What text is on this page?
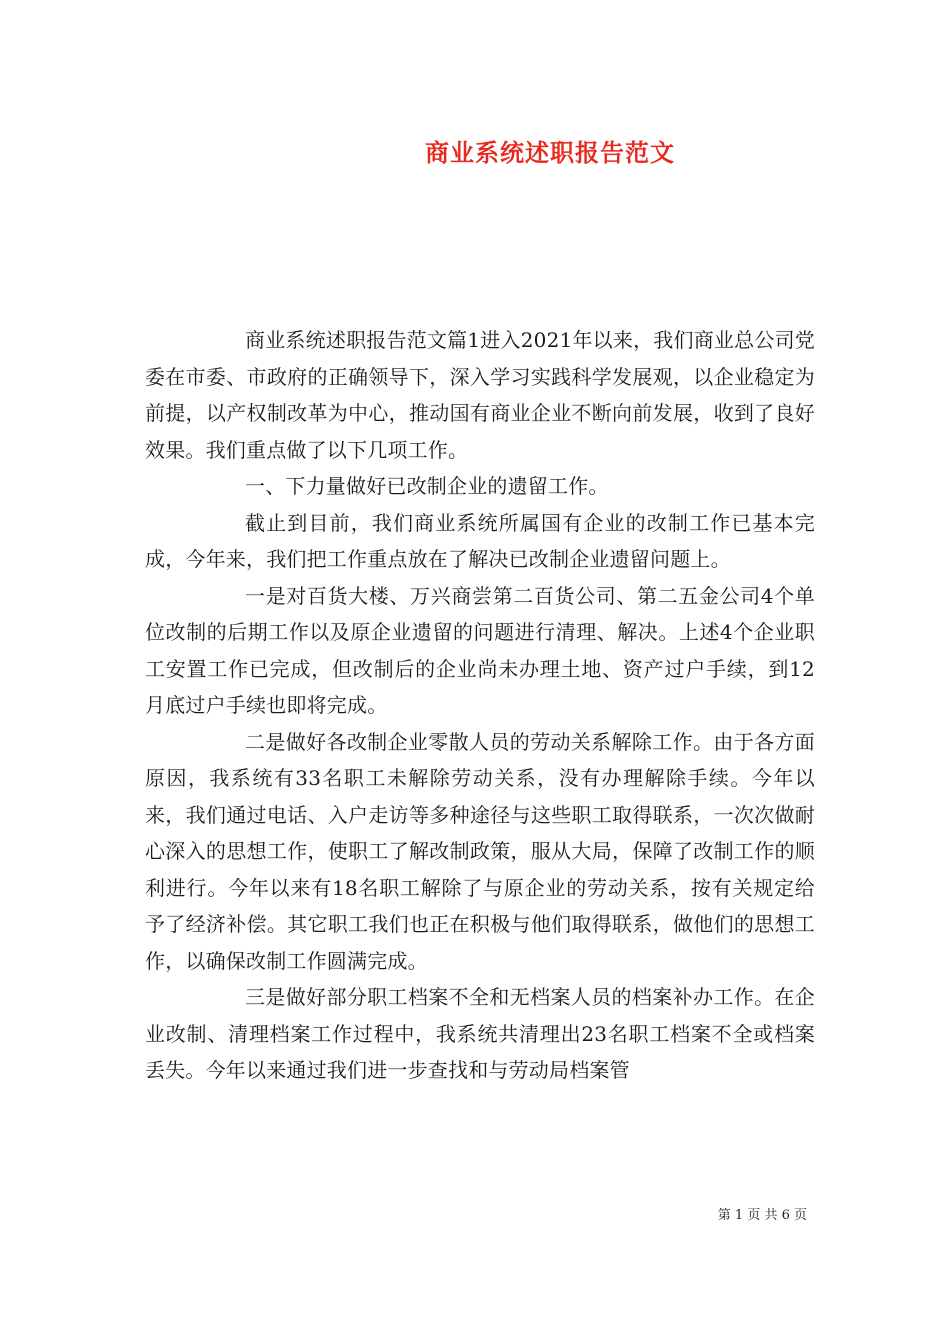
商业系统述职报告范文

商业系统述职报告范文篇1进入2021年以来，我们商业总公司党委在市委、市政府的正确领导下，深入学习实践科学发展观，以企业稳定为前提，以产权制改革为中心，推动国有商业企业不断向前发展，收到了良好效果。我们重点做了以下几项工作。

一、下力量做好已改制企业的遗留工作。

截止到目前，我们商业系统所属国有企业的改制工作已基本完成，今年来，我们把工作重点放在了解决已改制企业遗留问题上。

一是对百货大楼、万兴商尝第二百货公司、第二五金公司4个单位改制的后期工作以及原企业遗留的问题进行清理、解决。上述4个企业职工安置工作已完成，但改制后的企业尚未办理土地、资产过户手续，到12月底过户手续也即将完成。

二是做好各改制企业零散人员的劳动关系解除工作。由于各方面原因，我系统有33名职工未解除劳动关系，没有办理解除手续。今年以来，我们通过电话、入户走访等多种途径与这些职工取得联系，一次次做耐心深入的思想工作，使职工了解改制政策，服从大局，保障了改制工作的顺利进行。今年以来有18名职工解除了与原企业的劳动关系，按有关规定给予了经济补偿。其它职工我们也正在积极与他们取得联系，做他们的思想工作，以确保改制工作圆满完成。

三是做好部分职工档案不全和无档案人员的档案补办工作。在企业改制、清理档案工作过程中，我系统共清理出23名职工档案不全或档案丢失。今年以来通过我们进一步查找和与劳动局档案管

第 1 页 共 6 页
